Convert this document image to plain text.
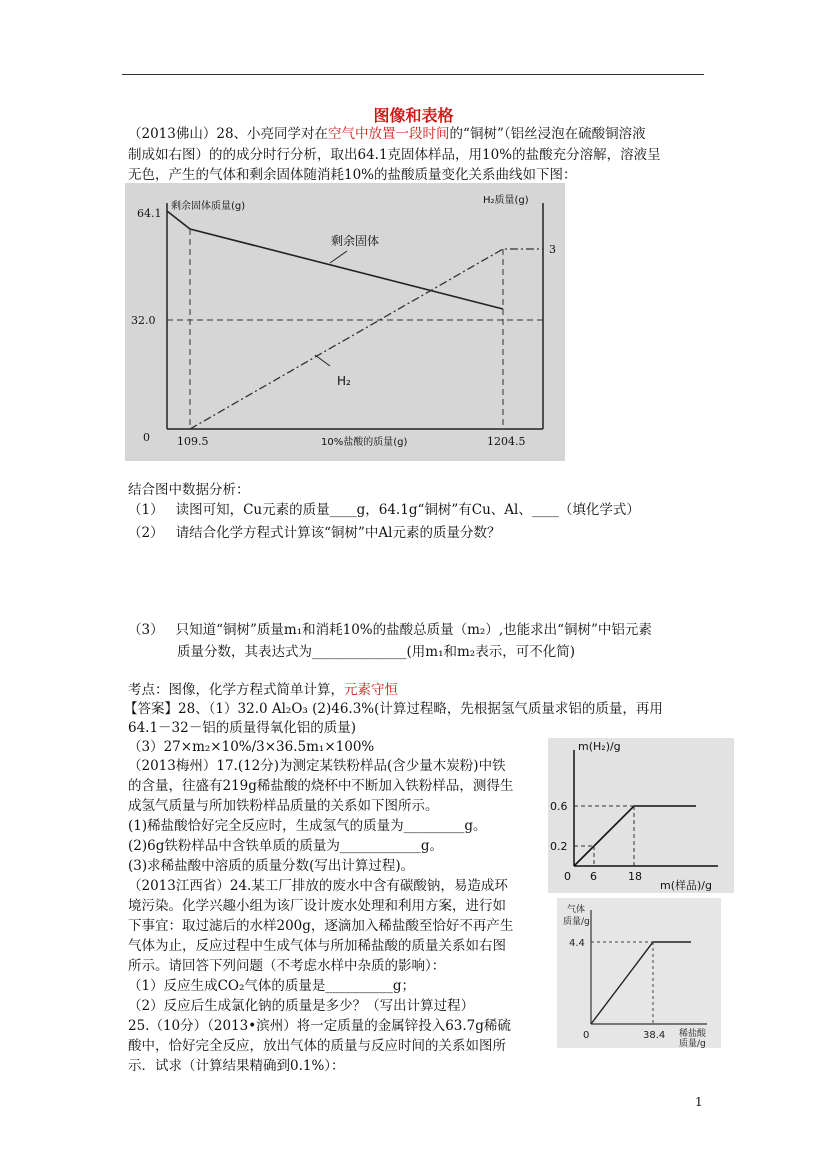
图像和表格
（2013佛山）28、小亮同学对在空气中放置一段时间的“铜树”（铝丝浸泡在硫酸铜溶液
制成如右图）的的成分时行分析，取出64.1克固体样品，用10%的盐酸充分溶解，溶液呈
无色，产生的气体和剩余固体随消耗10%的盐酸质量变化关系曲线如下图：
剩余固体质量(g)
H₂质量(g)
10%盐酸的质量(g)
剩余固体
H₂
64.1
32.0
0 109.5	1204.5
3
结合图中数据分析：
（1） 读图可知，Cu元素的质量____g，64.1g“铜树”有Cu、Al、____（填化学式）
（2） 请结合化学方程式计算该“铜树”中Al元素的质量分数？
（3） 只知道“铜树”质量m₁和消耗10%的盐酸总质量（m₂）,也能求出“铜树”中铝元素
质量分数，其表达式为______________(用m₁和m₂表示，可不化简)
考点：图像，化学方程式简单计算，元素守恒
【答案】28、（1）32.0 Al₂O₃ (2)46.3%(计算过程略，先根据氢气质量求铝的质量，再用
64.1－32－铝的质量得氧化铝的质量)
（3）27×m₂×10%/3×36.5m₁×100%
（2013梅州）17.(12分)为测定某铁粉样品(含少量木炭粉)中铁
的含量，往盛有219g稀盐酸的烧杯中不断加入铁粉样品，测得生
成氢气质量与所加铁粉样品质量的关系如下图所示。
(1)稀盐酸恰好完全反应时，生成氢气的质量为_________g。
(2)6g铁粉样品中含铁单质的质量为____________g。
(3)求稀盐酸中溶质的质量分数(写出计算过程)。
m(H₂)/g
m(样品)/g
0.6
0.2
0 6	18
（2013江西省）24.某工厂排放的废水中含有碳酸钠，易造成环
境污染。化学兴趣小组为该厂设计废水处理和利用方案，进行如
下事宜：取过滤后的水样200g，逐滴加入稀盐酸至恰好不再产生
气体为止，反应过程中生成气体与所加稀盐酸的质量关系如右图
所示。请回答下列问题（不考虑水样中杂质的影响）：
（1）反应生成CO₂气体的质量是__________g；
（2）反应后生成氯化钠的质量是多少？（写出计算过程）
气体
质量/g
4.4
0	38.4 稀盐酸
质量/g
25.（10分）（2013•滨州）将一定质量的金属锌投入63.7g稀硫
酸中，恰好完全反应，放出气体的质量与反应时间的关系如图所
示．试求（计算结果精确到0.1%）：
1
